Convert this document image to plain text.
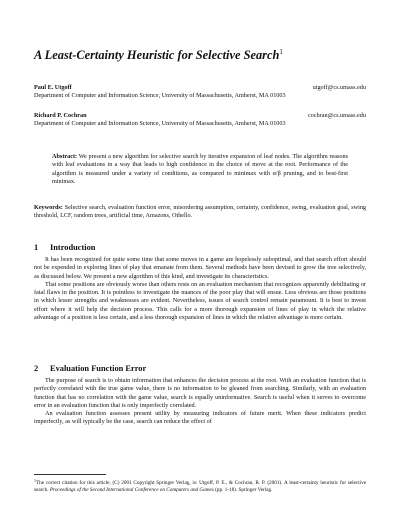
A Least-Certainty Heuristic for Selective Search$^1$
Paul E. Utgoff	utgoff@cs.umass.edu
Department of Computer and Information Science, University of Massachusetts, Amherst, MA 01003
Richard P. Cochran	cochran@cs.umass.edu
Department of Computer and Information Science, University of Massachusetts, Amherst, MA 01003
Abstract: We present a new algorithm for selective search by iterative expansion of leaf nodes. The algorithm reasons with leaf evaluations in a way that leads to high confidence in the choice of move at the root. Performance of the algorithm is measured under a variety of conditions, as compared to minimax with α/β pruning, and to best-first minimax.
Keywords: Selective search, evaluation function error, misordering assumption, certainty, confidence, swing, evaluation goal, swing threshold, LCF, random trees, artificial time, Amazons, Othello.
1 Introduction

It has been recognized for quite some time that some moves in a game are hopelessly suboptimal, and that search effort should not be expended in exploring lines of play that emanate from them. Several methods have been devised to grow the tree selectively, as discussed below. We present a new algorithm of this kind, and investigate its characteristics.

That some positions are obviously worse than others rests on an evaluation mechanism that recognizes apparently debilitating or fatal flaws in the position. It is pointless to investigate the nuances of the poor play that will ensue. Less obvious are those positions in which lesser strengths and weaknesses are evident. Nevertheless, issues of search control remain paramount. It is best to invest effort where it will help the decision process. This calls for a more thorough expansion of lines of play in which the relative advantage of a position is less certain, and a less thorough expansion of lines in which the relative advantage is more certain.

2 Evaluation Function Error

The purpose of search is to obtain information that enhances the decision process at the root. With an evaluation function that is perfectly correlated with the true game value, there is no information to be gleaned from searching. Similarly, with an evaluation function that has no correlation with the game value, search is equally uninformative. Search is useful when it serves to overcome error in an evaluation function that is only imperfectly correlated.

An evaluation function assesses present utility by measuring indicators of future merit. When these indicators predict imperfectly, as will typically be the case, search can reduce the effect of

$^1$The correct citation for this article, (C) 2001 Copyright Springer Verlag, is: Utgoff, P. E., & Cochran, R. P. (2001). A least-certainty heuristic for selective search. Proceedings of the Second International Conference on Computers and Games (pp. 1-18). Springer Verlag.
